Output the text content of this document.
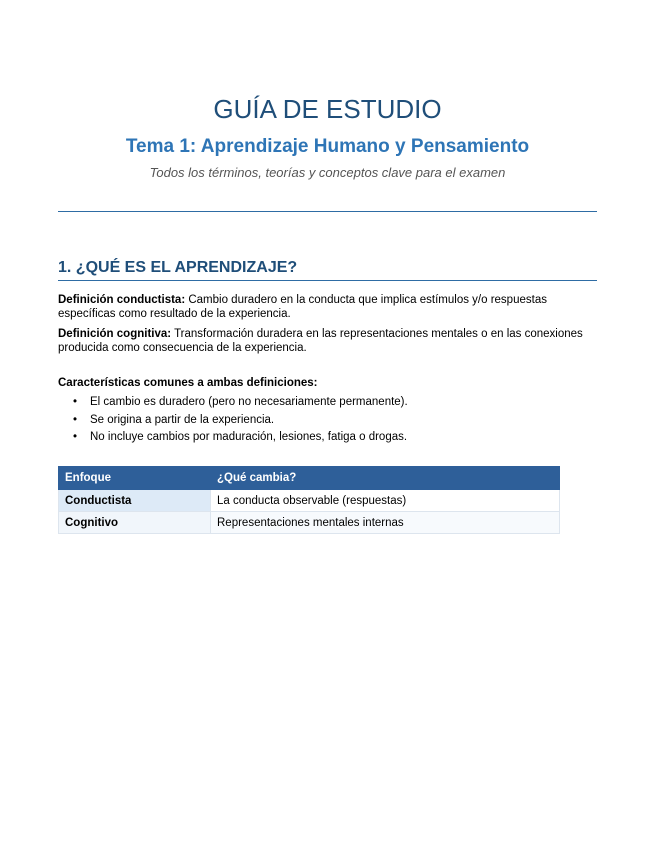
GUÍA DE ESTUDIO
Tema 1: Aprendizaje Humano y Pensamiento
Todos los términos, teorías y conceptos clave para el examen
1. ¿QUÉ ES EL APRENDIZAJE?
Definición conductista: Cambio duradero en la conducta que implica estímulos y/o respuestas específicas como resultado de la experiencia.
Definición cognitiva: Transformación duradera en las representaciones mentales o en las conexiones producida como consecuencia de la experiencia.
Características comunes a ambas definiciones:
• El cambio es duradero (pero no necesariamente permanente).
• Se origina a partir de la experiencia.
• No incluye cambios por maduración, lesiones, fatiga o drogas.
Enfoque	¿Qué cambia?
Conductista	La conducta observable (respuestas)
Cognitivo	Representaciones mentales internas
